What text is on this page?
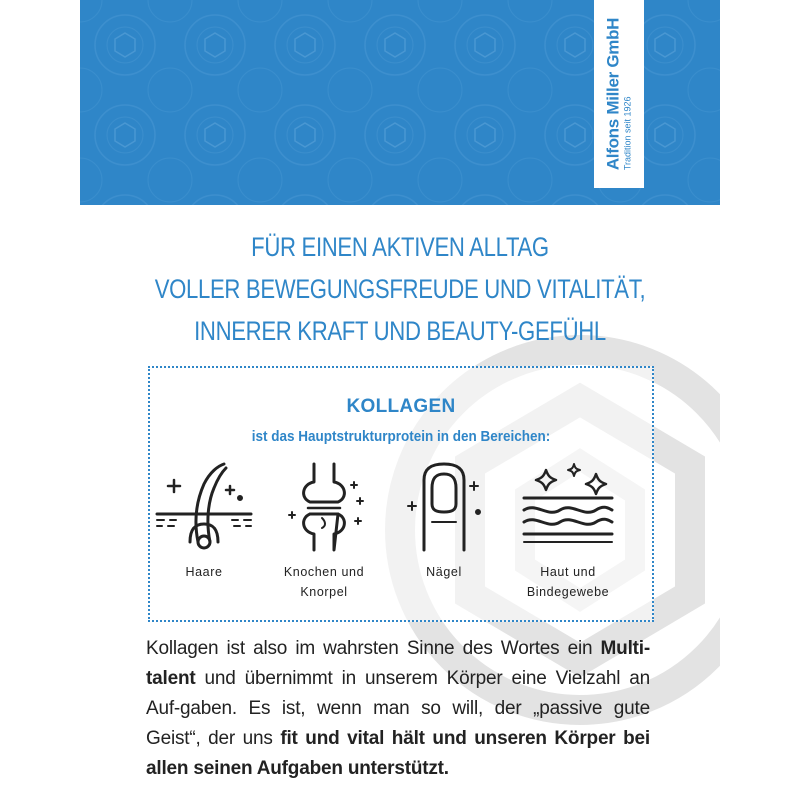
Alfons Miller GmbH Tradition seit 1926
FÜR EINEN AKTIVEN ALLTAG
VOLLER BEWEGUNGSFREUDE UND VITALITÄT,
INNERER KRAFT UND BEAUTY-GEFÜHL
KOLLAGEN
ist das Hauptstrukturprotein in den Bereichen:
Haare	Knochen und
Knorpel
Nägel	Haut und
Bindegewebe
Kollagen ist also im wahrsten Sinne des Wortes ein Multi-talent und übernimmt in unserem Körper eine Vielzahl an Auf-gaben. Es ist, wenn man so will, der „passive gute Geist“, der uns fit und vital hält und unseren Körper bei allen seinen Aufgaben unterstützt.
